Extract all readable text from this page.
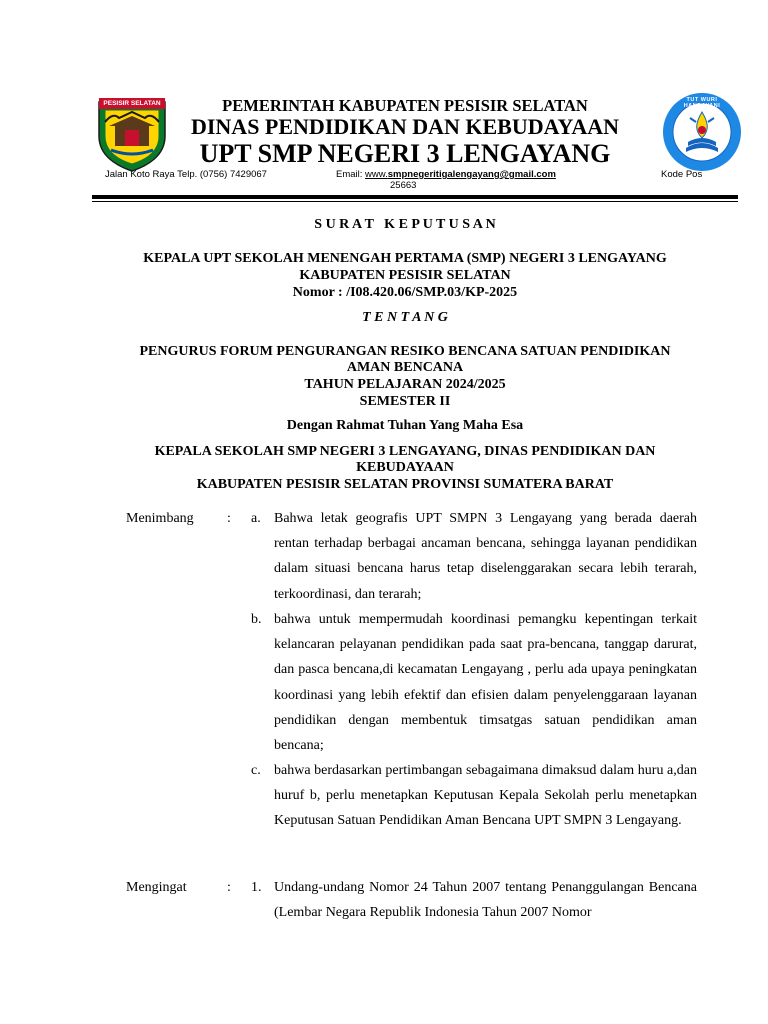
PESISIR SELATAN	TUT WURI HANDAYANI
PEMERINTAH KABUPATEN PESISIR SELATAN
DINAS PENDIDIKAN DAN KEBUDAYAAN
UPT SMP NEGERI 3 LENGAYANG
Jalan Koto Raya Telp. (0756) 7429067	Email: www.smpnegeritigalengayang@gmail.com	Kode Pos
25663
S U R A T   K E P U T U S A N
KEPALA UPT SEKOLAH MENENGAH PERTAMA (SMP) NEGERI 3 LENGAYANG
KABUPATEN PESISIR SELATAN
Nomor : /I08.420.06/SMP.03/KP-2025
T E N T A N G
PENGURUS FORUM PENGURANGAN RESIKO BENCANA SATUAN PENDIDIKAN
AMAN BENCANA
TAHUN PELAJARAN 2024/2025
SEMESTER II
Dengan Rahmat Tuhan Yang Maha Esa
KEPALA SEKOLAH SMP NEGERI 3 LENGAYANG, DINAS PENDIDIKAN DAN
KEBUDAYAAN
KABUPATEN PESISIR SELATAN PROVINSI SUMATERA BARAT
Menimbang : a. Bahwa letak geografis UPT SMPN 3 Lengayang yang berada daerah rentan terhadap berbagai ancaman bencana, sehingga layanan pendidikan dalam situasi bencana harus tetap diselenggarakan secara lebih terarah, terkoordinasi, dan terarah;
b. bahwa untuk mempermudah koordinasi pemangku kepentingan terkait kelancaran pelayanan pendidikan pada saat pra-bencana, tanggap darurat, dan pasca bencana,di kecamatan Lengayang , perlu ada upaya peningkatan koordinasi yang lebih efektif dan efisien dalam penyelenggaraan layanan pendidikan dengan membentuk timsatgas satuan pendidikan aman bencana;
c. bahwa berdasarkan pertimbangan sebagaimana dimaksud dalam huru a,dan huruf b, perlu menetapkan Keputusan Kepala Sekolah perlu menetapkan Keputusan Satuan Pendidikan Aman Bencana UPT SMPN 3 Lengayang.
Mengingat	: 1. Undang-undang Nomor 24 Tahun 2007 tentang Penanggulangan Bencana (Lembar Negara Republik Indonesia Tahun 2007 Nomor
